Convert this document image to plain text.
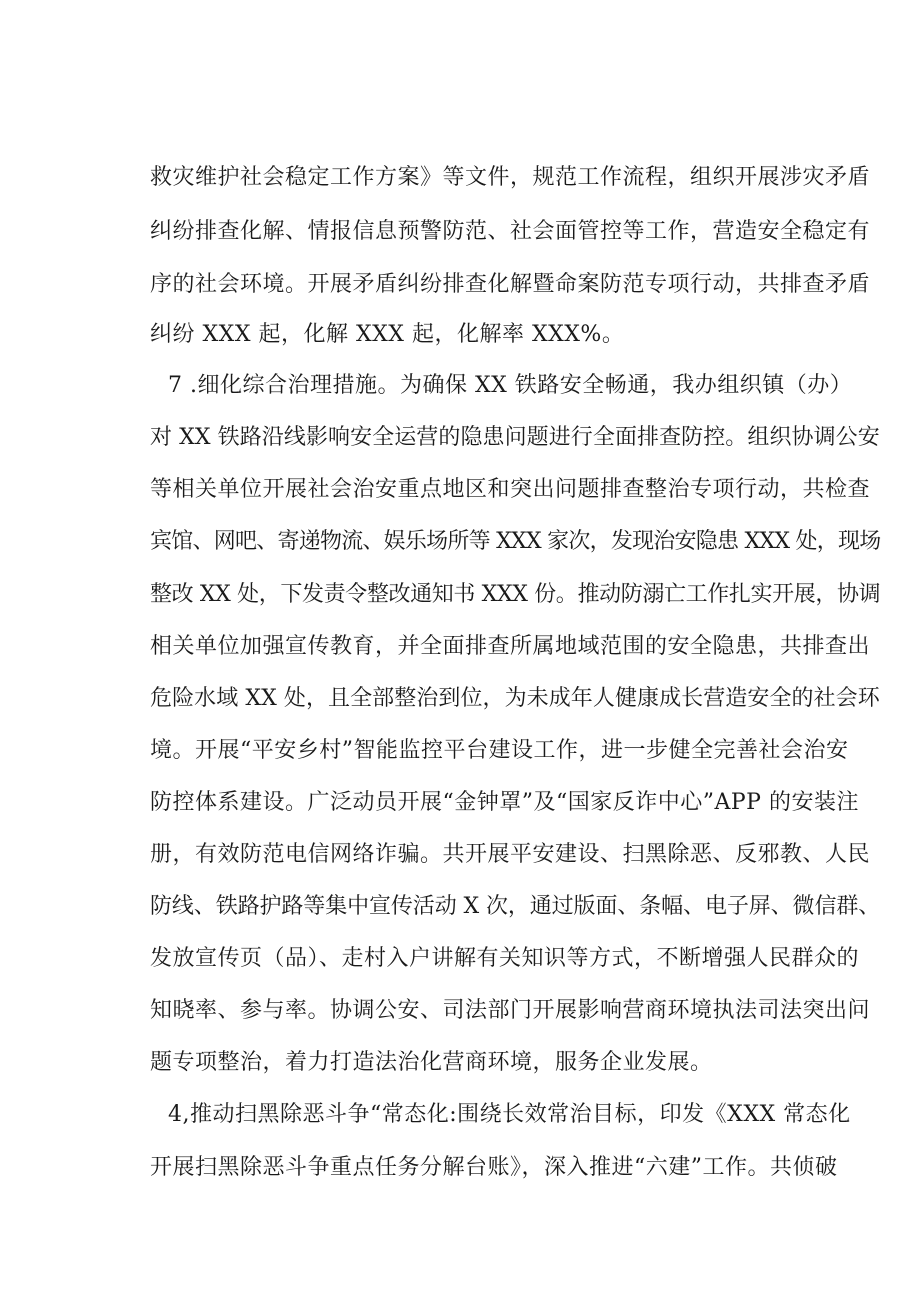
救灾维护社会稳定工作方案》等文件，规范工作流程，组织开展涉灾矛盾
纠纷排查化解、情报信息预警防范、社会面管控等工作，营造安全稳定有
序的社会环境。开展矛盾纠纷排查化解暨命案防范专项行动，共排查矛盾
纠纷 XXX 起，化解 XXX 起，化解率 XXX%。
7 .细化综合治理措施。为确保 XX 铁路安全畅通，我办组织镇（办）
对 XX 铁路沿线影响安全运营的隐患问题进行全面排查防控。组织协调公安
等相关单位开展社会治安重点地区和突出问题排查整治专项行动，共检查
宾馆、网吧、寄递物流、娱乐场所等 XXX 家次，发现治安隐患 XXX 处，现场
整改 XX 处，下发责令整改通知书 XXX 份。推动防溺亡工作扎实开展，协调
相关单位加强宣传教育，并全面排查所属地域范围的安全隐患，共排查出
危险水域 XX 处，且全部整治到位，为未成年人健康成长营造安全的社会环
境。开展“平安乡村”智能监控平台建设工作，进一步健全完善社会治安
防控体系建设。广泛动员开展“金钟罩”及“国家反诈中心”APP 的安装注
册，有效防范电信网络诈骗。共开展平安建设、扫黑除恶、反邪教、人民
防线、铁路护路等集中宣传活动 X 次，通过版面、条幅、电子屏、微信群、
发放宣传页（品）、走村入户讲解有关知识等方式，不断增强人民群众的
知晓率、参与率。协调公安、司法部门开展影响营商环境执法司法突出问
题专项整治，着力打造法治化营商环境，服务企业发展。
4,推动扫黑除恶斗争“常态化:围绕长效常治目标，印发《XXX 常态化
开展扫黑除恶斗争重点任务分解台账》，深入推进“六建”工作。共侦破
